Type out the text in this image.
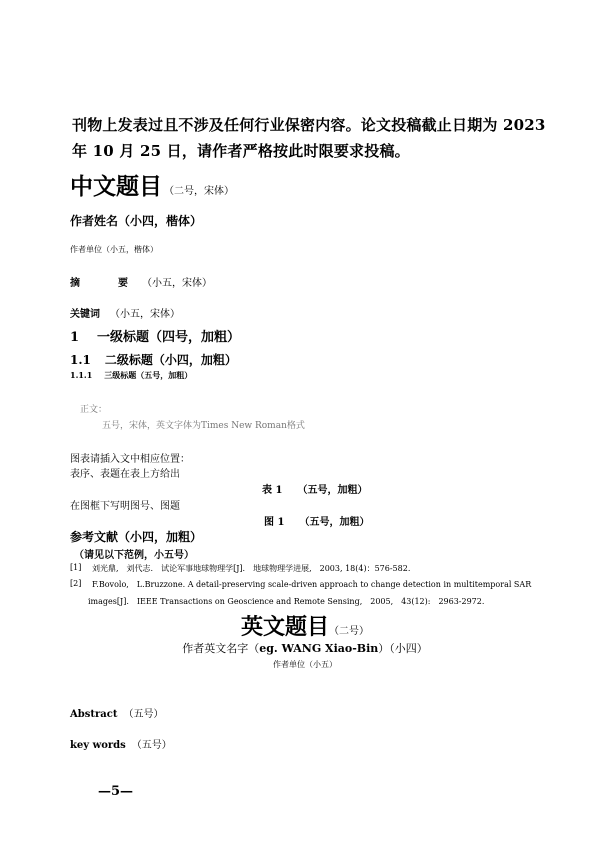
刊物上发表过且不涉及任何行业保密内容。论文投稿截止日期为 2023
年 10 月 25 日，请作者严格按此时限要求投稿。
中文题目 （二号，宋体）
作者姓名（小四，楷体）
作者单位（小五，楷体）
摘　要（小五，宋体）
关键词 （小五，宋体）
1 一级标题（四号，加粗）
1.1 二级标题（小四，加粗）
1.1.1 三级标题（五号，加粗）
正文：
五号，宋体，英文字体为Times New Roman格式
图表请插入文中相应位置：
表序、表题在表上方给出
表 1　　（五号，加粗）
在图框下写明图号、图题
图 1　　（五号，加粗）
参考文献（小四，加粗）
（请见以下范例，小五号）
[1] 刘光鼎,　刘代志.　试论军事地球物理学[J].　地球物理学进展,　2003, 18(4)：576-582.
[2] F.Bovolo,　L.Bruzzone. A detail-preserving scale-driven approach to change detection in multitemporal SAR
images[J].　IEEE Transactions on Geoscience and Remote Sensing,　2005,　43(12):　2963-2972.
英文题目（二号）
作者英文名字（eg. WANG Xiao-Bin）（小四）
作者单位（小五）
Abstract （五号）
key words （五号）
—5—
